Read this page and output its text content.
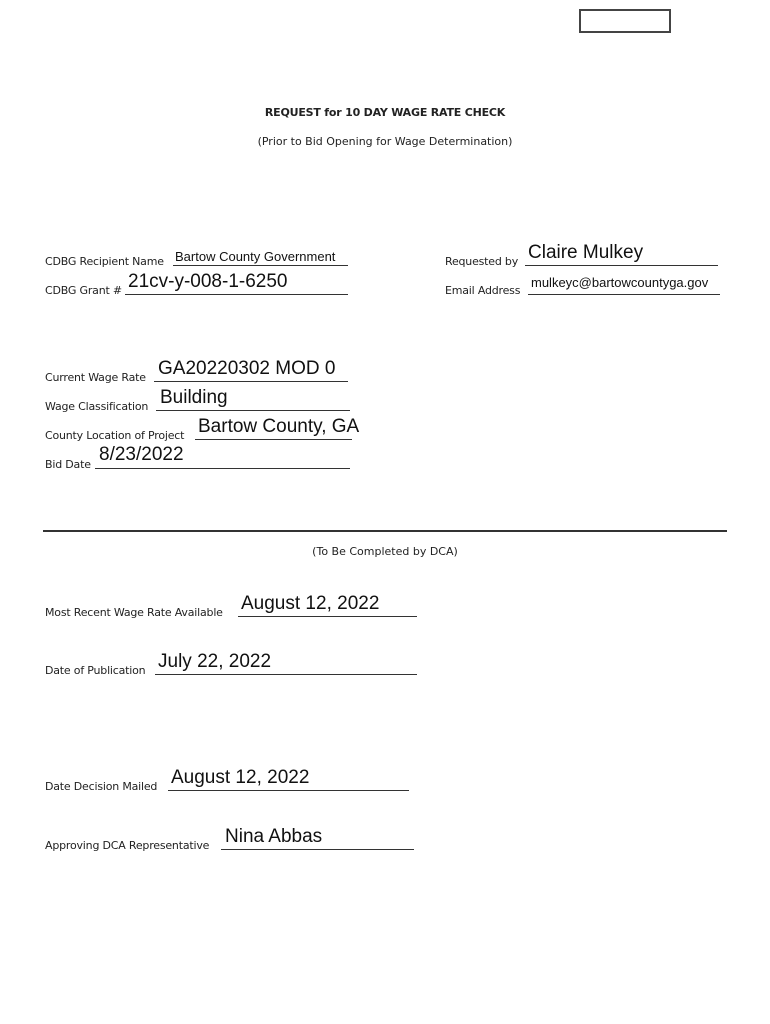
REQUEST for 10 DAY WAGE RATE CHECK
(Prior to Bid Opening for Wage Determination)
CDBG Recipient Name Bartow County Government
CDBG Grant # 21cv-y-008-1-6250
Requested by Claire Mulkey
Email Address
mulkeyc@bartowcountyga.gov
Current Wage Rate GA20220302 MOD 0
Wage Classification Building
County Location of Project Bartow County, GA
Bid Date 8/23/2022
(To Be Completed by DCA)
Most Recent Wage Rate Available August 12, 2022
Date of Publication July 22, 2022
Date Decision Mailed August 12, 2022
Approving DCA Representative Nina Abbas
